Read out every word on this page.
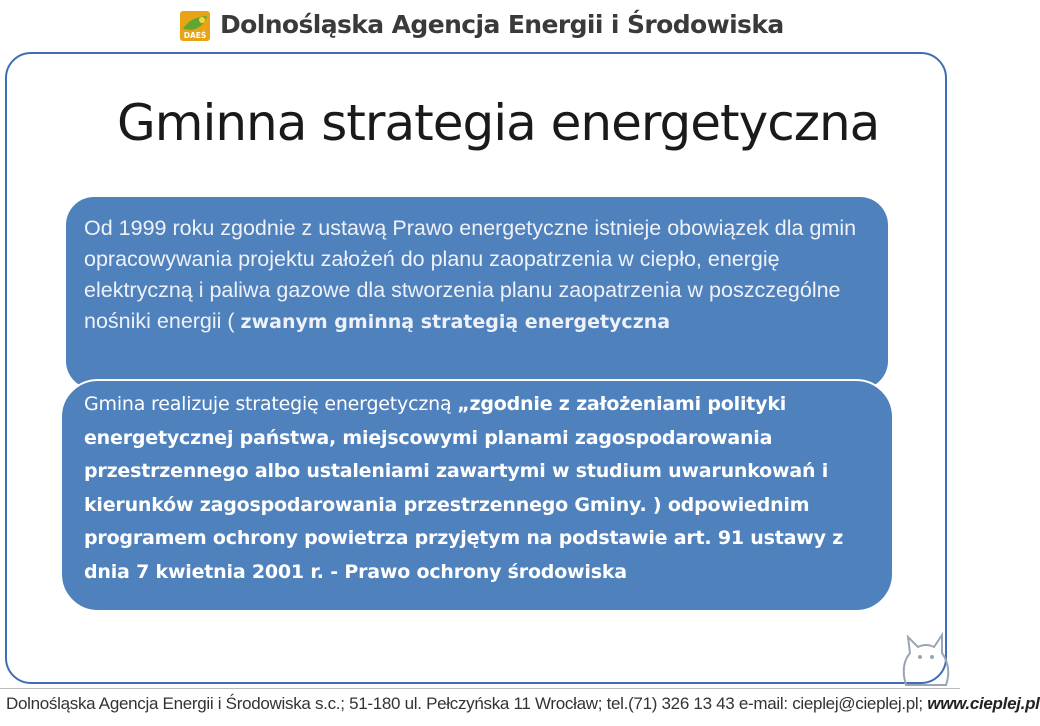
DAEŚ Dolnośląska Agencja Energii i Środowiska
Gminna strategia energetyczna
Od 1999 roku zgodnie z ustawą Prawo energetyczne istnieje obowiązek dla gmin opracowywania projektu założeń do planu zaopatrzenia w ciepło, energię elektryczną i paliwa gazowe dla stworzenia planu zaopatrzenia w poszczególne nośniki energii ( zwanym gminną strategią energetyczna
Gmina realizuje strategię energetyczną „zgodnie z założeniami polityki energetycznej państwa, miejscowymi planami zagospodarowania przestrzennego albo ustaleniami zawartymi w studium uwarunkowań i kierunków zagospodarowania przestrzennego Gminy. ) odpowiednim programem ochrony powietrza przyjętym na podstawie art. 91 ustawy z dnia 7 kwietnia 2001 r. - Prawo ochrony środowiska
Dolnośląska Agencja Energii i Środowiska s.c.; 51-180 ul. Pełczyńska 11 Wrocław; tel.(71) 326 13 43 e-mail: cieplej@cieplej.pl; www.cieplej.pl
